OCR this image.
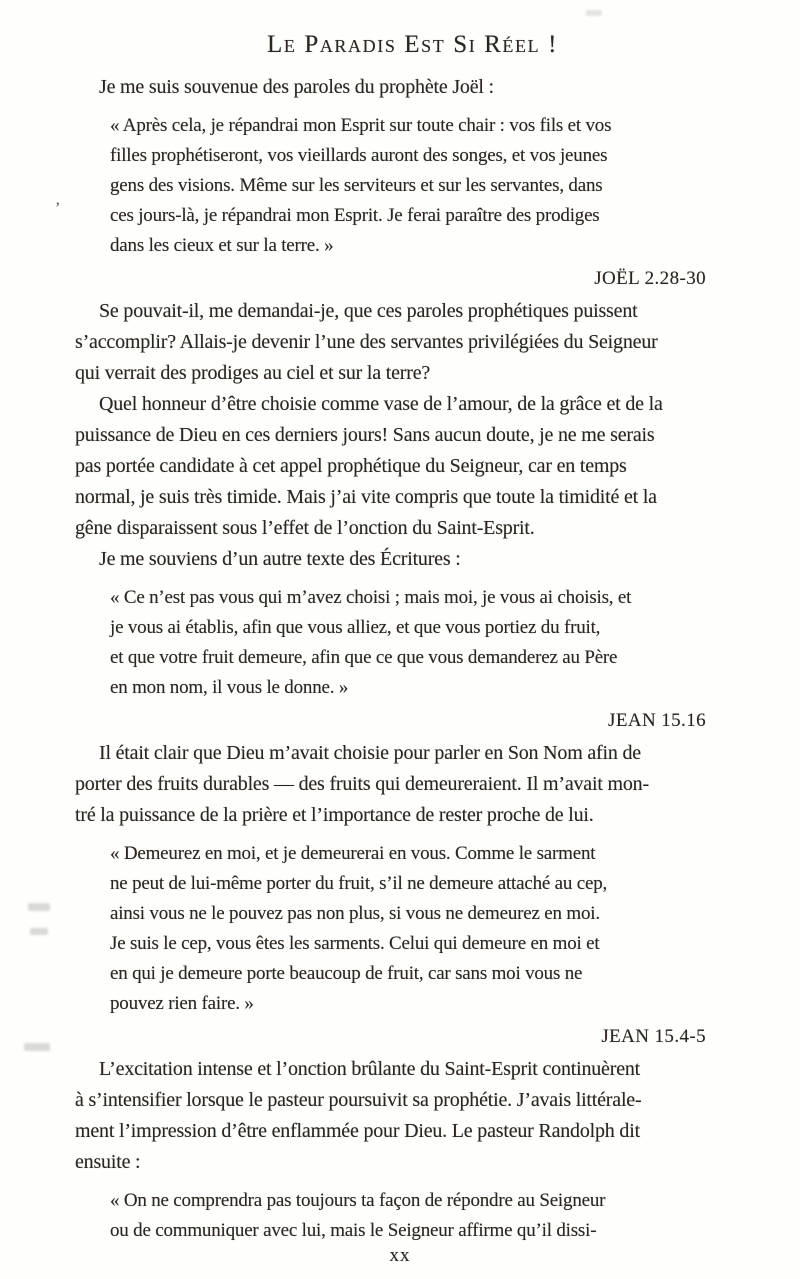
’
Le Paradis Est Si Réel !
Je me suis souvenue des paroles du prophète Joël :
« Après cela, je répandrai mon Esprit sur toute chair : vos fils et vos
filles prophétiseront, vos vieillards auront des songes, et vos jeunes
gens des visions. Même sur les serviteurs et sur les servantes, dans
ces jours-là, je répandrai mon Esprit. Je ferai paraître des prodiges
dans les cieux et sur la terre. »
JOËL 2.28-30
Se pouvait-il, me demandai-je, que ces paroles prophétiques puissent
s’accomplir? Allais-je devenir l’une des servantes privilégiées du Seigneur
qui verrait des prodiges au ciel et sur la terre?
Quel honneur d’être choisie comme vase de l’amour, de la grâce et de la
puissance de Dieu en ces derniers jours! Sans aucun doute, je ne me serais
pas portée candidate à cet appel prophétique du Seigneur, car en temps
normal, je suis très timide. Mais j’ai vite compris que toute la timidité et la
gêne disparaissent sous l’effet de l’onction du Saint-Esprit.
Je me souviens d’un autre texte des Écritures :
« Ce n’est pas vous qui m’avez choisi ; mais moi, je vous ai choisis, et
je vous ai établis, afin que vous alliez, et que vous portiez du fruit,
et que votre fruit demeure, afin que ce que vous demanderez au Père
en mon nom, il vous le donne. »
JEAN 15.16
Il était clair que Dieu m’avait choisie pour parler en Son Nom afin de
porter des fruits durables — des fruits qui demeureraient. Il m’avait mon-
tré la puissance de la prière et l’importance de rester proche de lui.
« Demeurez en moi, et je demeurerai en vous. Comme le sarment
ne peut de lui-même porter du fruit, s’il ne demeure attaché au cep,
ainsi vous ne le pouvez pas non plus, si vous ne demeurez en moi.
Je suis le cep, vous êtes les sarments. Celui qui demeure en moi et
en qui je demeure porte beaucoup de fruit, car sans moi vous ne
pouvez rien faire. »
JEAN 15.4-5
L’excitation intense et l’onction brûlante du Saint-Esprit continuèrent
à s’intensifier lorsque le pasteur poursuivit sa prophétie. J’avais littérale-
ment l’impression d’être enflammée pour Dieu. Le pasteur Randolph dit
ensuite :
« On ne comprendra pas toujours ta façon de répondre au Seigneur
ou de communiquer avec lui, mais le Seigneur affirme qu’il dissi-
xx
